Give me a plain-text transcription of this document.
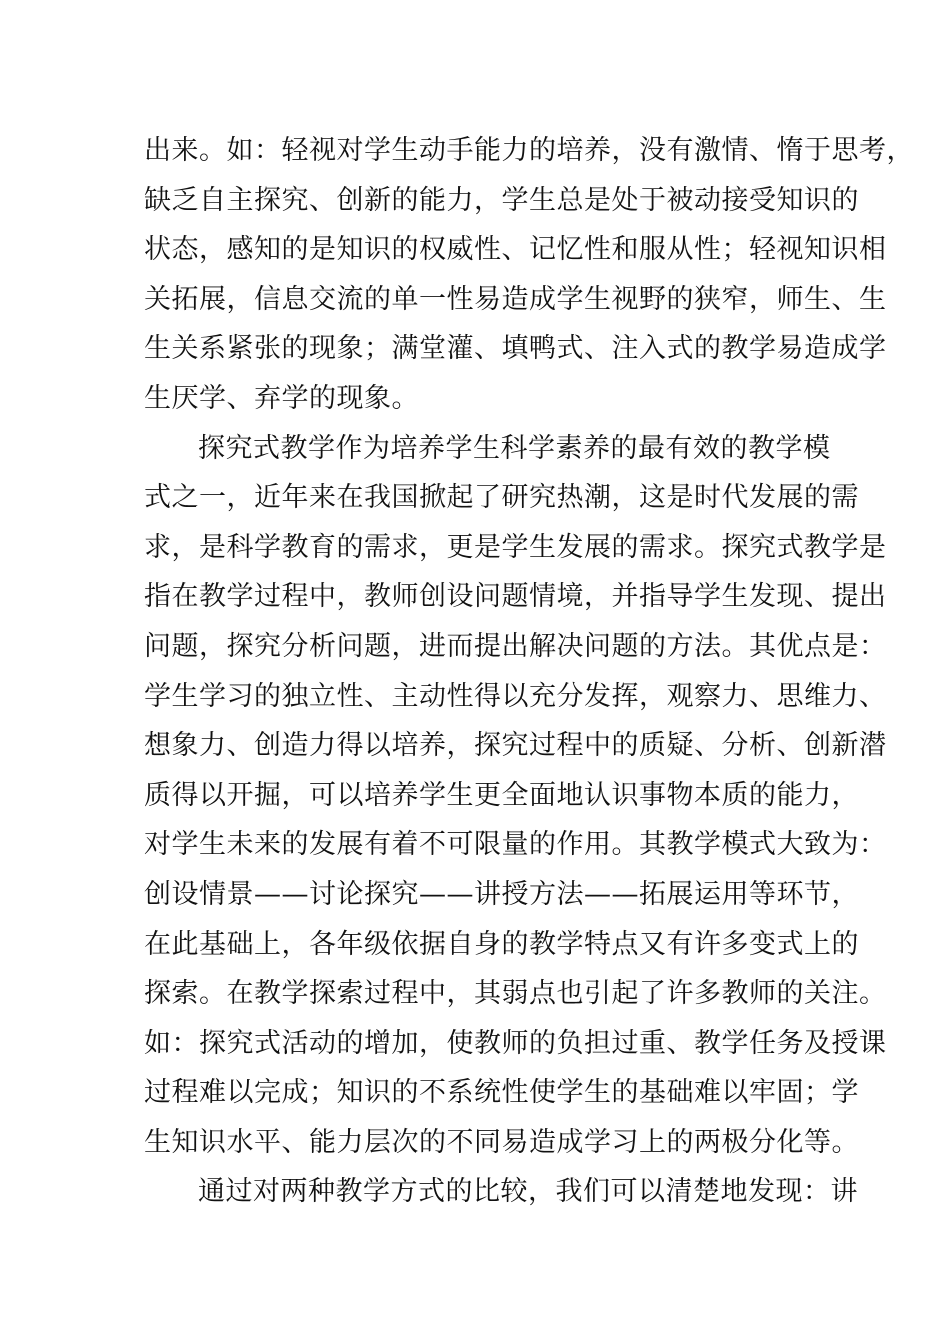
出来。如：轻视对学生动手能力的培养，没有激情、惰于思考，
缺乏自主探究、创新的能力，学生总是处于被动接受知识的
状态，感知的是知识的权威性、记忆性和服从性；轻视知识相
关拓展，信息交流的单一性易造成学生视野的狭窄，师生、生
生关系紧张的现象；满堂灌、填鸭式、注入式的教学易造成学
生厌学、弃学的现象。
探究式教学作为培养学生科学素养的最有效的教学模
式之一，近年来在我国掀起了研究热潮，这是时代发展的需
求，是科学教育的需求，更是学生发展的需求。探究式教学是
指在教学过程中，教师创设问题情境，并指导学生发现、提出
问题，探究分析问题，进而提出解决问题的方法。其优点是：
学生学习的独立性、主动性得以充分发挥，观察力、思维力、
想象力、创造力得以培养，探究过程中的质疑、分析、创新潜
质得以开掘，可以培养学生更全面地认识事物本质的能力，
对学生未来的发展有着不可限量的作用。其教学模式大致为：
创设情景——讨论探究——讲授方法——拓展运用等环节，
在此基础上，各年级依据自身的教学特点又有许多变式上的
探索。在教学探索过程中，其弱点也引起了许多教师的关注。
如：探究式活动的增加，使教师的负担过重、教学任务及授课
过程难以完成；知识的不系统性使学生的基础难以牢固；学
生知识水平、能力层次的不同易造成学习上的两极分化等。
通过对两种教学方式的比较，我们可以清楚地发现：讲
